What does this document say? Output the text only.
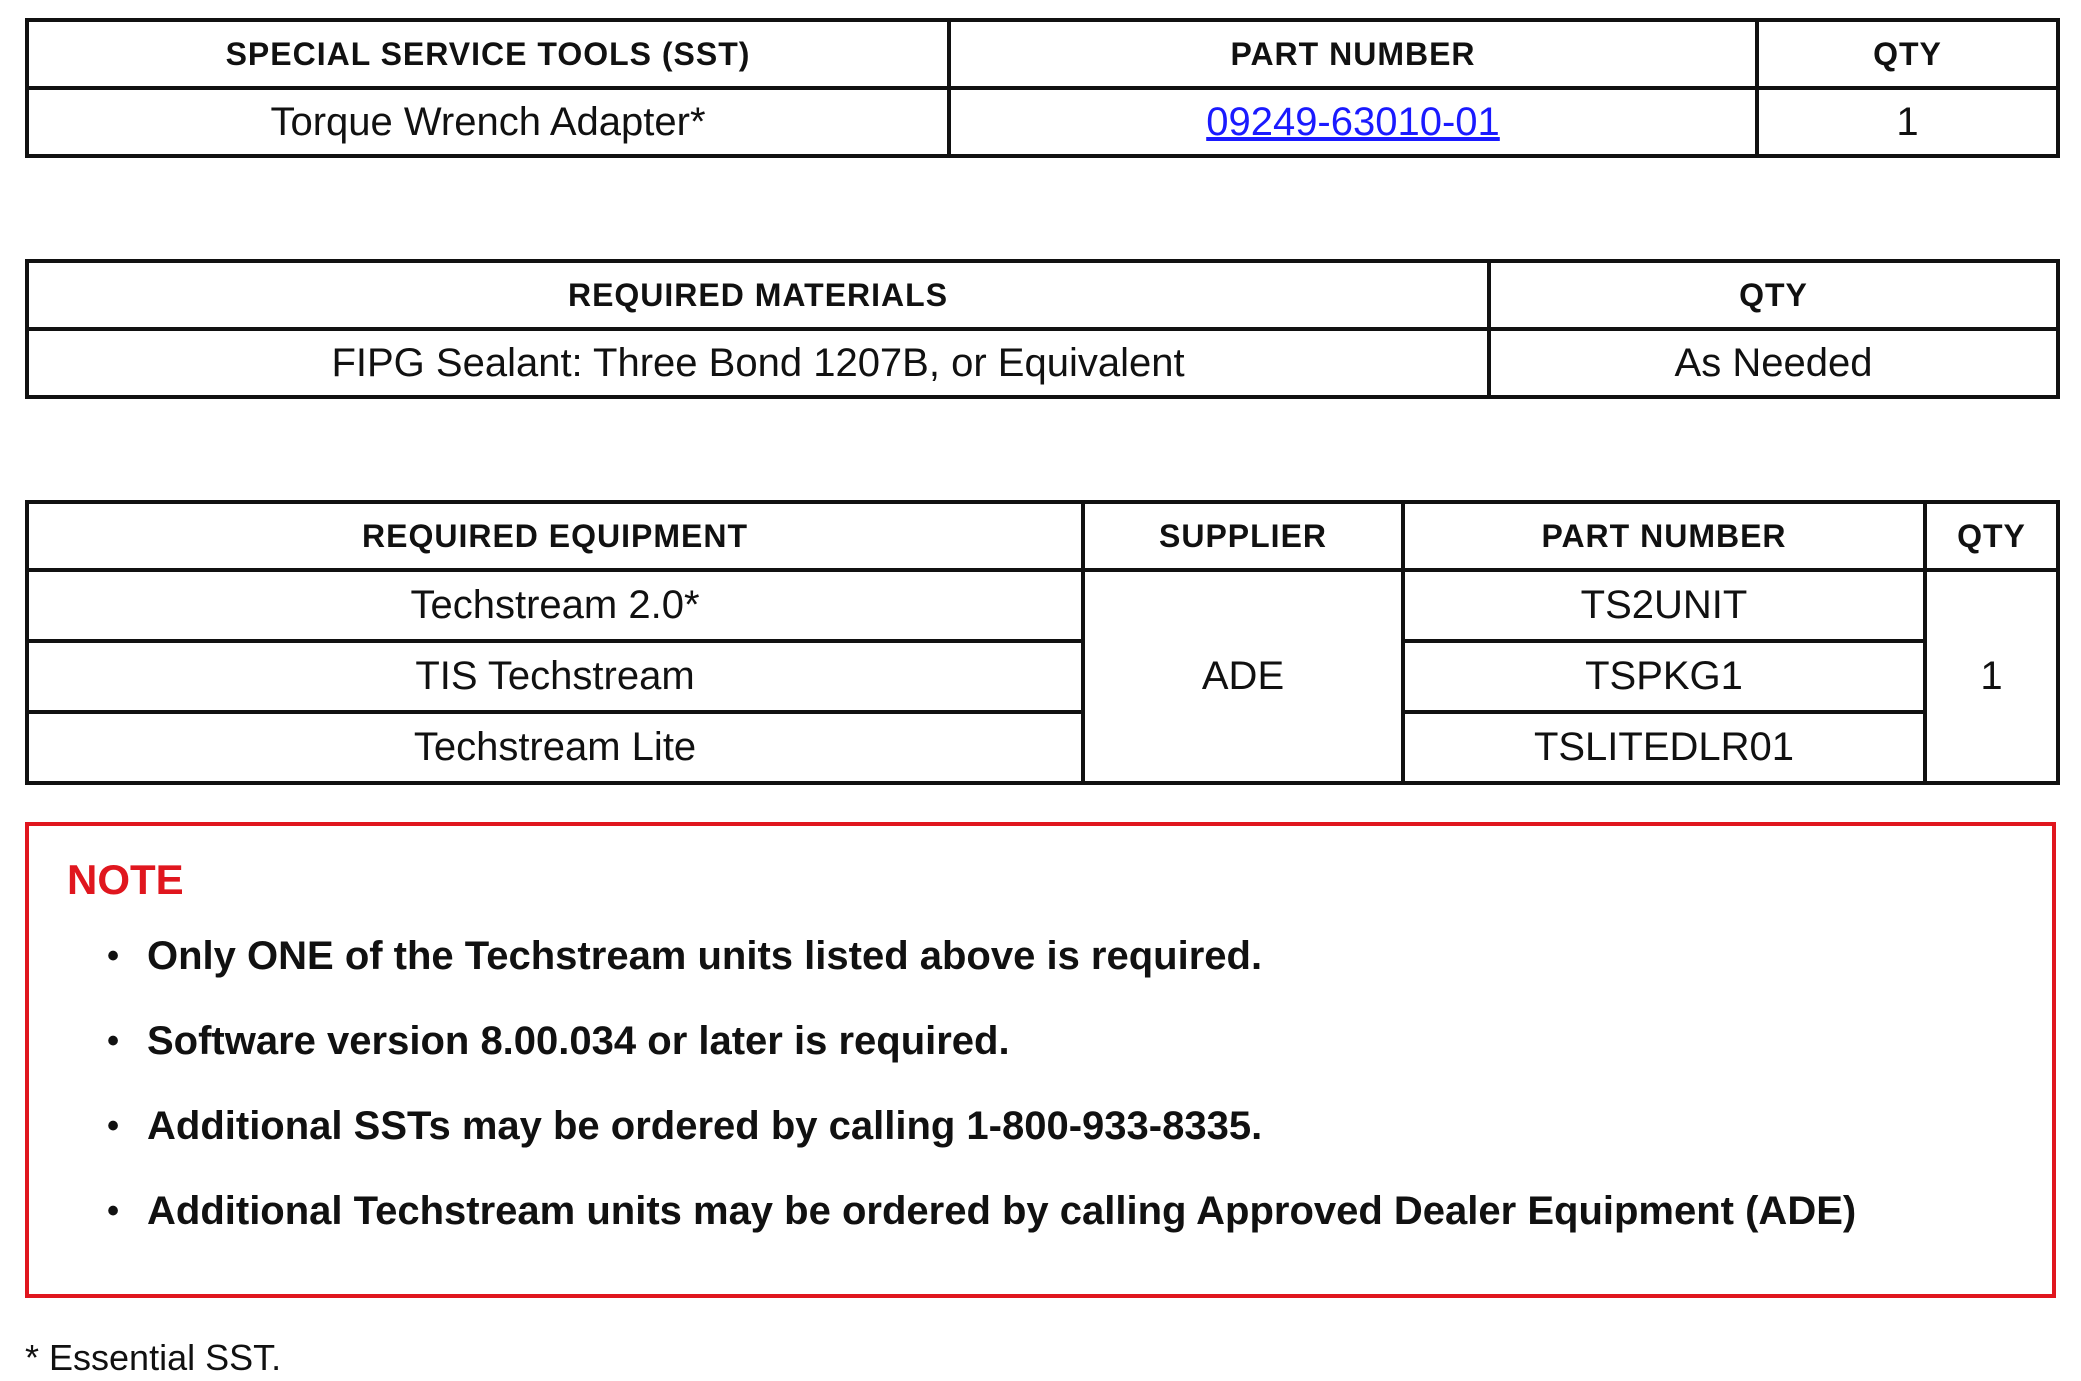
SPECIAL SERVICE TOOLS (SST)	PART NUMBER	QTY
Torque Wrench Adapter*	09249-63010-01	1
REQUIRED MATERIALS	QTY
FIPG Sealant: Three Bond 1207B, or Equivalent	As Needed
REQUIRED EQUIPMENT	SUPPLIER	PART NUMBER	QTY
Techstream 2.0*	ADE	TS2UNIT	1
TIS Techstream		TSPKG1	
Techstream Lite		TSLITEDLR01	
NOTE
• Only ONE of the Techstream units listed above is required.
• Software version 8.00.034 or later is required.
• Additional SSTs may be ordered by calling 1-800-933-8335.
• Additional Techstream units may be ordered by calling Approved Dealer Equipment (ADE)
* Essential SST.
